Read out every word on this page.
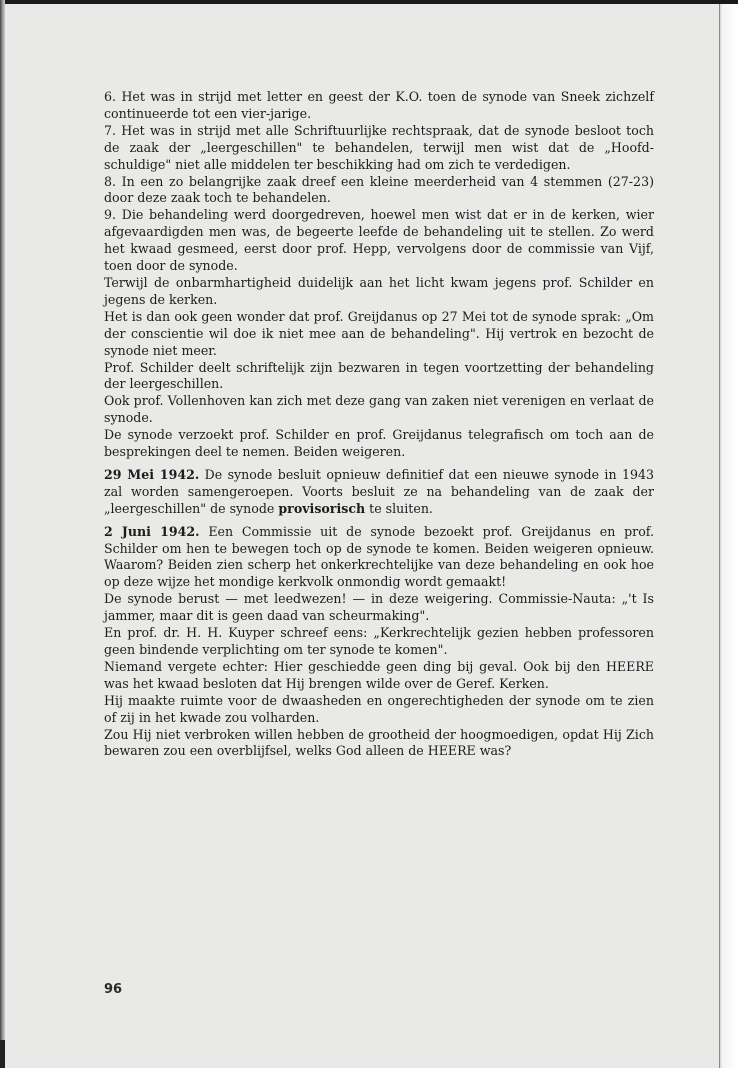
6. Het was in strijd met letter en geest der K.O. toen de synode van Sneek zichzelf continueerde tot een vier-jarige.

7. Het was in strijd met alle Schriftuurlijke rechtspraak, dat de synode besloot toch de zaak der „leergeschillen" te behandelen, terwijl men wist dat de „Hoofd-schuldige" niet alle middelen ter beschikking had om zich te verdedigen.

8. In een zo belangrijke zaak dreef een kleine meerderheid van 4 stemmen (27-23) door deze zaak toch te behandelen.

9. Die behandeling werd doorgedreven, hoewel men wist dat er in de kerken, wier afgevaardigden men was, de begeerte leefde de behandeling uit te stellen. Zo werd het kwaad gesmeed, eerst door prof. Hepp, vervolgens door de commissie van Vijf, toen door de synode.

Terwijl de onbarmhartigheid duidelijk aan het licht kwam jegens prof. Schilder en jegens de kerken.

Het is dan ook geen wonder dat prof. Greijdanus op 27 Mei tot de synode sprak: „Om der conscientie wil doe ik niet mee aan de behandeling". Hij vertrok en bezocht de synode niet meer.

Prof. Schilder deelt schriftelijk zijn bezwaren in tegen voortzetting der behandeling der leergeschillen.

Ook prof. Vollenhoven kan zich met deze gang van zaken niet verenigen en verlaat de synode.

De synode verzoekt prof. Schilder en prof. Greijdanus telegrafisch om toch aan de besprekingen deel te nemen. Beiden weigeren.

29 Mei 1942. De synode besluit opnieuw definitief dat een nieuwe synode in 1943 zal worden samengeroepen. Voorts besluit ze na behandeling van de zaak der „leergeschillen" de synode provisorisch te sluiten.

2 Juni 1942. Een Commissie uit de synode bezoekt prof. Greijdanus en prof. Schilder om hen te bewegen toch op de synode te komen. Beiden weigeren opnieuw. Waarom? Beiden zien scherp het onkerkrechtelijke van deze behandeling en ook hoe op deze wijze het mondige kerkvolk onmondig wordt gemaakt!

De synode berust — met leedwezen! — in deze weigering. Commissie-Nauta: „'t Is jammer, maar dit is geen daad van scheurmaking".

En prof. dr. H. H. Kuyper schreef eens: „Kerkrechtelijk gezien hebben professoren geen bindende verplichting om ter synode te komen".

Niemand vergete echter: Hier geschiedde geen ding bij geval. Ook bij den HEERE was het kwaad besloten dat Hij brengen wilde over de Geref. Kerken.

Hij maakte ruimte voor de dwaasheden en ongerechtigheden der synode om te zien of zij in het kwade zou volharden.

Zou Hij niet verbroken willen hebben de grootheid der hoogmoedigen, opdat Hij Zich bewaren zou een overblijfsel, welks God alleen de HEERE was?

96
